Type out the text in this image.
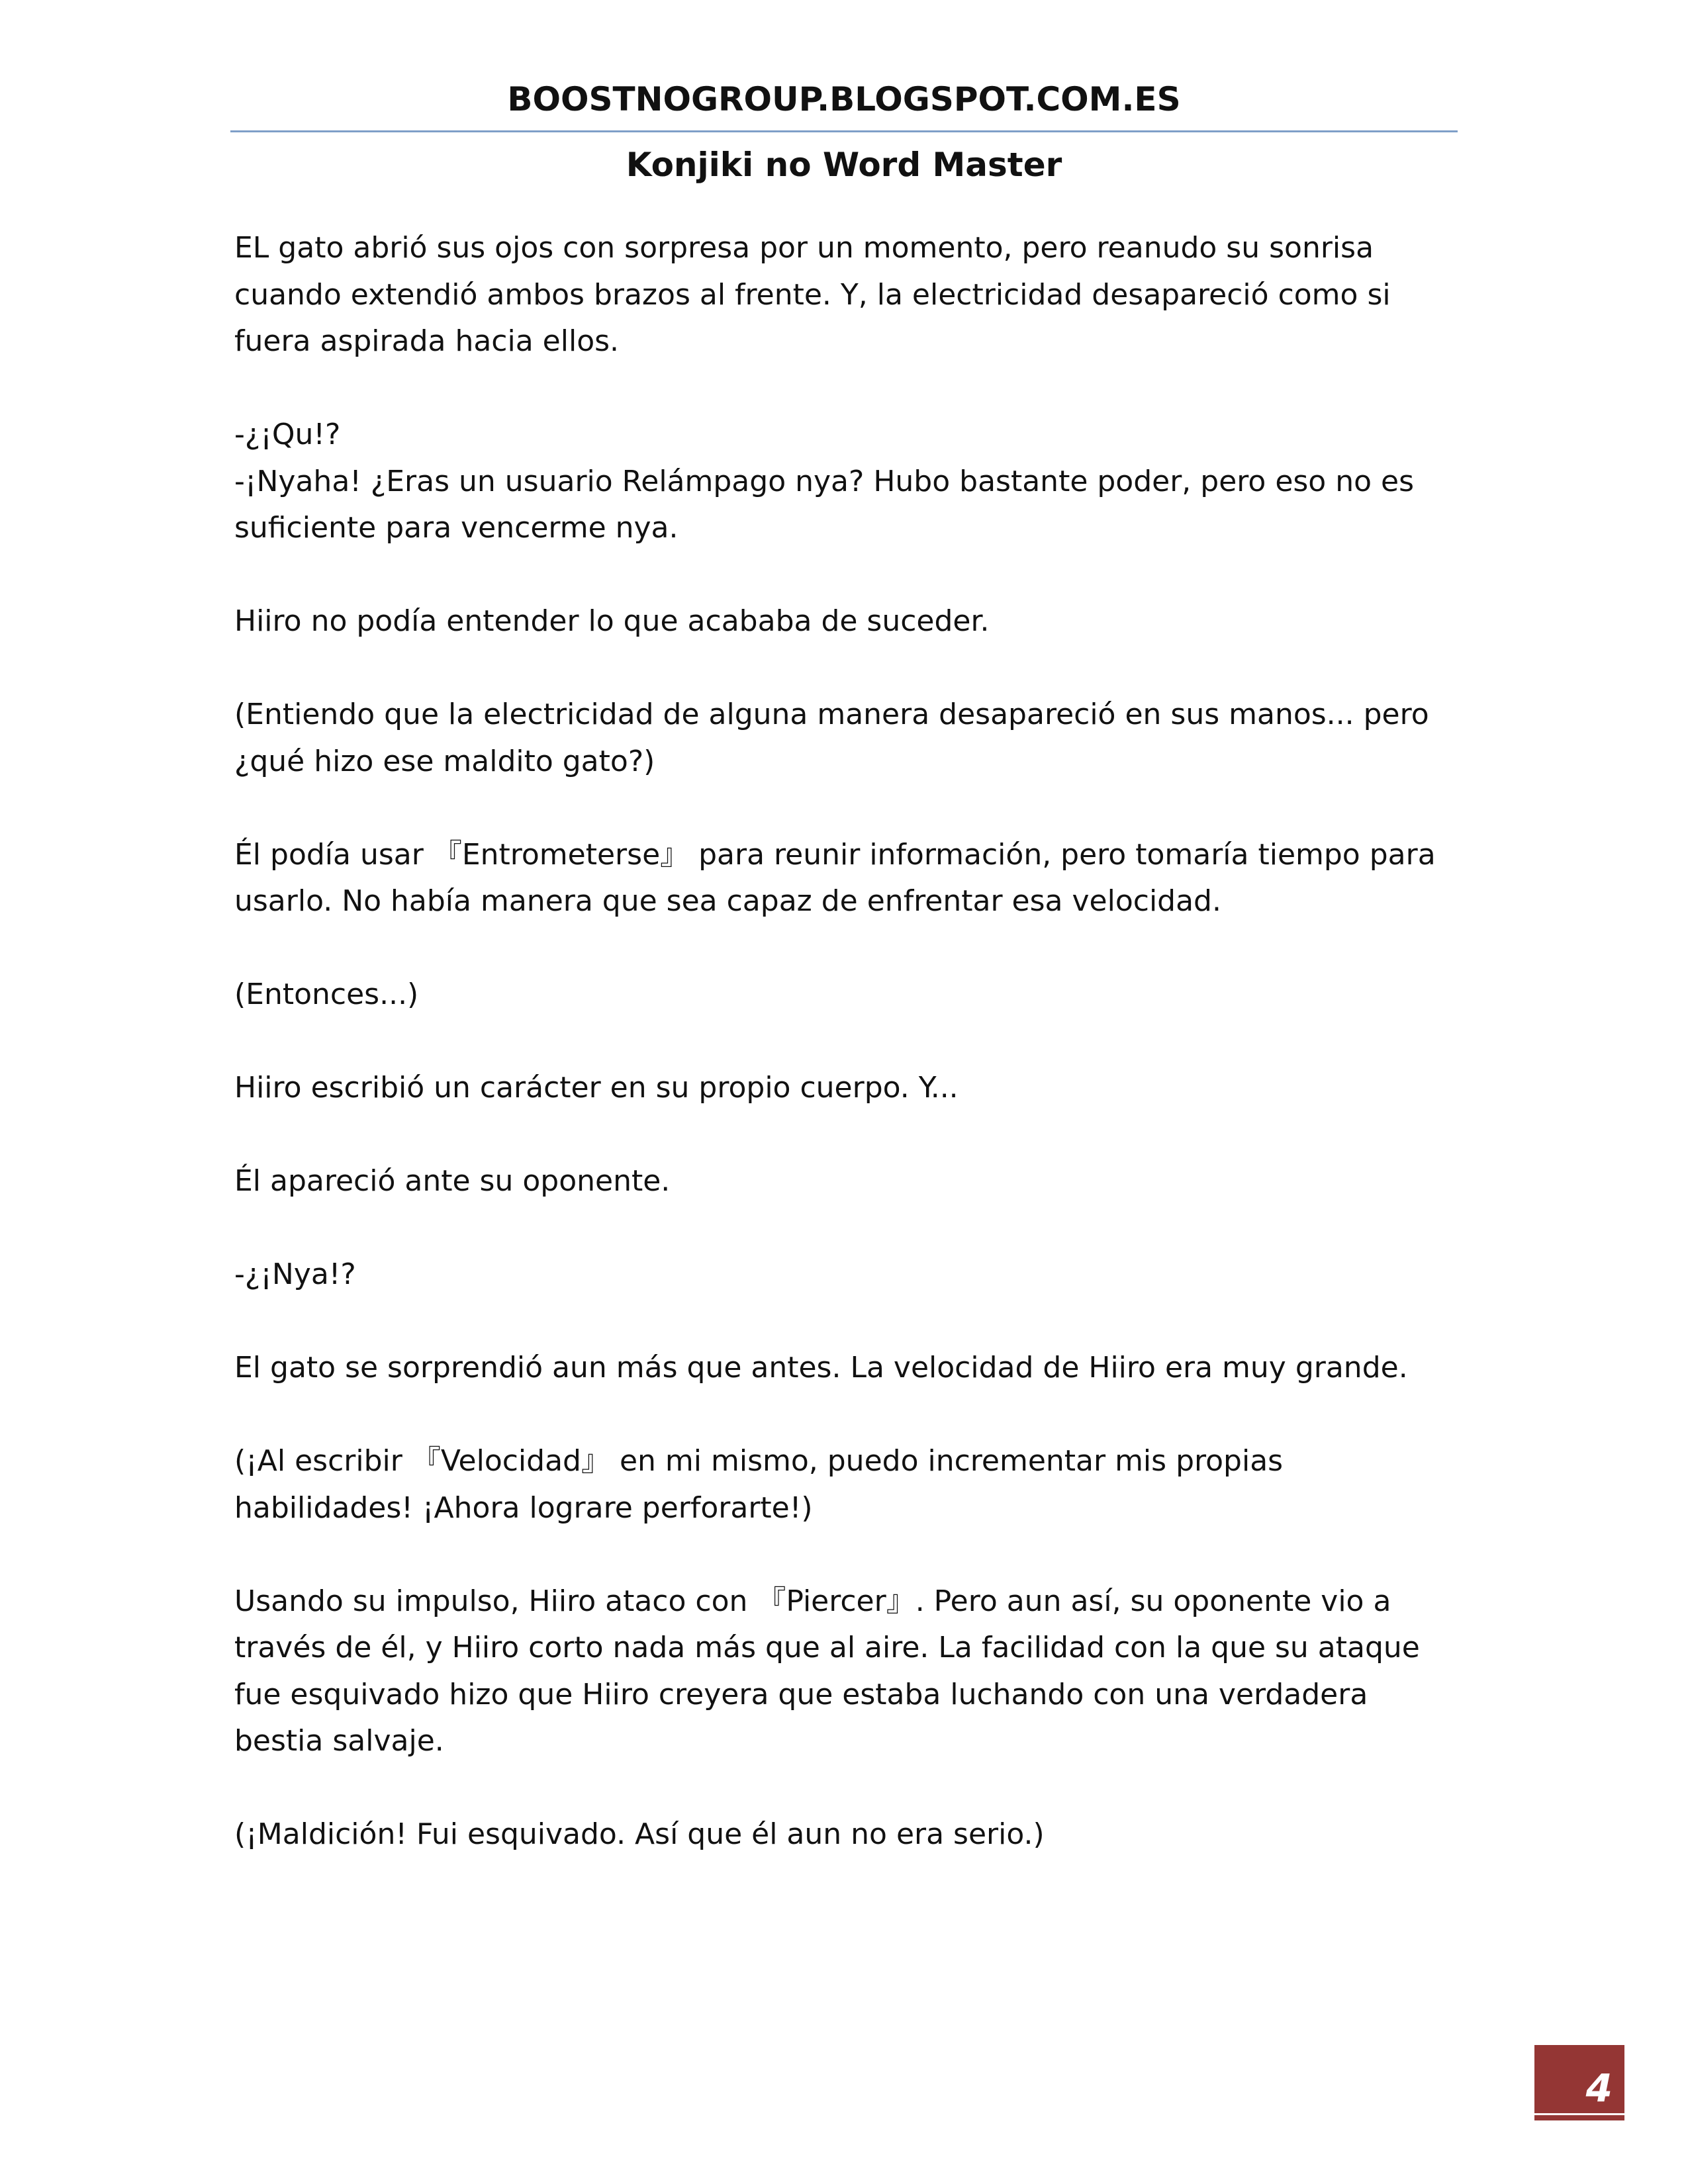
BOOSTNOGROUP.BLOGSPOT.COM.ES
Konjiki no Word Master

EL gato abrió sus ojos con sorpresa por un momento, pero reanudo su sonrisa cuando extendió ambos brazos al frente. Y, la electricidad desapareció como si fuera aspirada hacia ellos.

-¿¡Qu!?

-¡Nyaha! ¿Eras un usuario Relámpago nya? Hubo bastante poder, pero eso no es suficiente para vencerme nya.

Hiiro no podía entender lo que acababa de suceder.

(Entiendo que la electricidad de alguna manera desapareció en sus manos... pero ¿qué hizo ese maldito gato?)

Él podía usar 『Entrometerse』 para reunir información, pero tomaría tiempo para usarlo. No había manera que sea capaz de enfrentar esa velocidad.

(Entonces...)

Hiiro escribió un carácter en su propio cuerpo. Y...

Él apareció ante su oponente.

-¿¡Nya!?

El gato se sorprendió aun más que antes. La velocidad de Hiiro era muy grande.

(¡Al escribir 『Velocidad』 en mi mismo, puedo incrementar mis propias habilidades! ¡Ahora lograre perforarte!)

Usando su impulso, Hiiro ataco con 『Piercer』. Pero aun así, su oponente vio a través de él, y Hiiro corto nada más que al aire. La facilidad con la que su ataque fue esquivado hizo que Hiiro creyera que estaba luchando con una verdadera bestia salvaje.

(¡Maldición! Fui esquivado. Así que él aun no era serio.)

4
